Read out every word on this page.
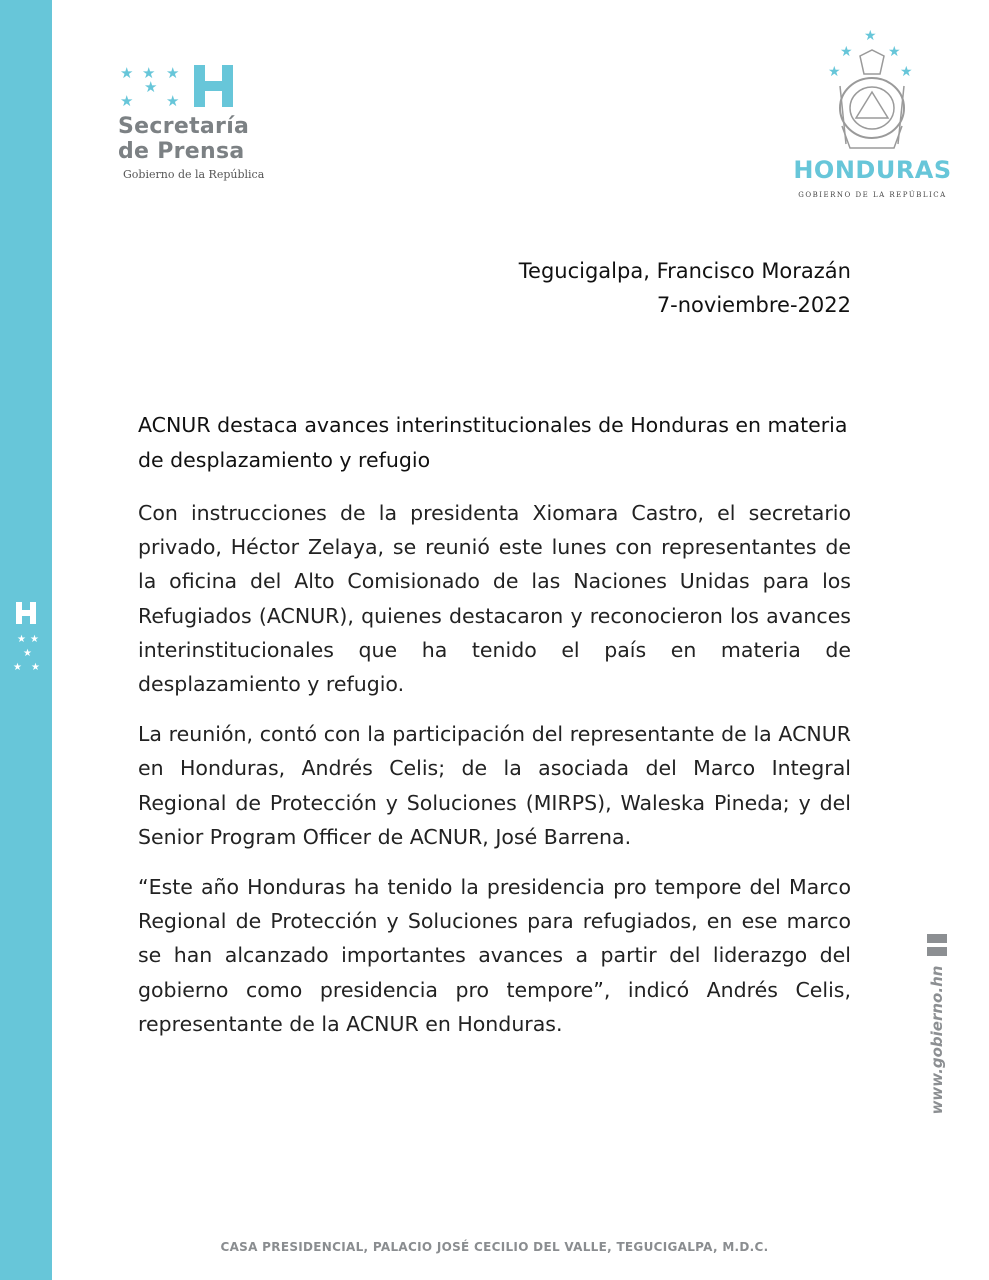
★ ★
★
★ ★
★ ★ ★
★
★ ★
Secretaría
de Prensa
Gobierno de la República
★
★	★
★	★
HONDURAS
GOBIERNO DE LA REPÚBLICA
Tegucigalpa, Francisco Morazán
7-noviembre-2022
ACNUR destaca avances interinstitucionales de Honduras en materia de desplazamiento y refugio

Con instrucciones de la presidenta Xiomara Castro, el secretario privado, Héctor Zelaya, se reunió este lunes con representantes de la oficina del Alto Comisionado de las Naciones Unidas para los Refugiados (ACNUR), quienes destacaron y reconocieron los avances interinstitucionales que ha tenido el país en materia de desplazamiento y refugio.

La reunión, contó con la participación del representante de la ACNUR en Honduras, Andrés Celis; de la asociada del Marco Integral Regional de Protección y Soluciones (MIRPS), Waleska Pineda; y del Senior Program Officer de ACNUR, José Barrena.

“Este año Honduras ha tenido la presidencia pro tempore del Marco Regional de Protección y Soluciones para refugiados, en ese marco se han alcanzado importantes avances a partir del liderazgo del gobierno como presidencia pro tempore”, indicó Andrés Celis, representante de la ACNUR en Honduras.	www.gobierno.hn
CASA PRESIDENCIAL, PALACIO JOSÉ CECILIO DEL VALLE, TEGUCIGALPA, M.D.C.
